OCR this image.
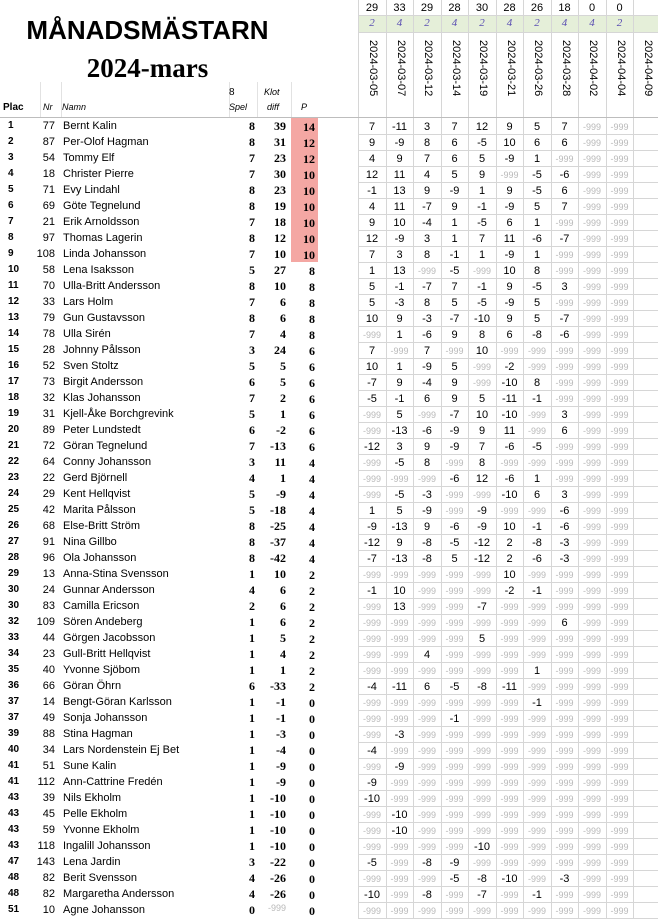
MÅNADSMÄSTARN
2024-mars
29	33	29	28	30	28	26	18	0	0
2	4	2	4	2	4	2	4	4	2
2024-03-05 2024-03-07 2024-03-12 2024-03-14 2024-03-19 2024-03-21 2024-03-26 2024-03-28 2024-04-02 2024-04-04 2024-04-09
8	Klot
Plac Nr Namn	Spel diff P
1	77 Bernt Kalin	8 39 14	7	-11	3	7	12	9	5	7	-999	-999
2	87 Per-Olof Hagman	8 31 12	9	-9	8	6	-5	10	6	6	-999	-999
3	54 Tommy Elf	7 23 12	4	9	7	6	5	-9	1	-999	-999	-999
4	18 Christer Pierre	7 30 10	12	11	4	5	9	-999	-5	-6	-999	-999
5	71 Evy Lindahl	8 23 10	-1	13	9	-9	1	9	-5	6	-999	-999
6	69 Göte Tegnelund	8 19 10	4	11	-7	9	-1	-9	5	7	-999	-999
7	21 Erik Arnoldsson	7 18 10	9	10	-4	1	-5	6	1	-999	-999	-999
8	97 Thomas Lagerin	8 12 10	12	-9	3	1	7	11	-6	-7	-999	-999
9 108 Linda Johansson	7 10 10	7	3	8	-1	1	-9	1	-999	-999	-999
10 58 Lena Isaksson	5 27 8	1	13	-999	-5	-999	10	8	-999	-999	-999
11 70 Ulla-Britt Andersson	8 10 8	5	-1	-7	7	-1	9	-5	3	-999	-999
12 33 Lars Holm	7 6 8	5	-3	8	5	-5	-9	5	-999	-999	-999
13 79 Gun Gustavsson	8 6 8	10	9	-3	-7	-10	9	5	-7	-999	-999
14 78 Ulla Sirén	7 4 8	-999	1	-6	9	8	6	-8	-6	-999	-999
15 28 Johnny Pålsson	3 24 6	7	-999	7	-999	10	-999	-999	-999	-999	-999
16 52 Sven Stoltz	5 5 6	10	1	-9	5	-999	-2	-999	-999	-999	-999
17 73 Birgit Andersson	6 5 6	-7	9	-4	9	-999 -10	8	-999	-999	-999
18 32 Klas Johansson	7 2 6	-5	-1	6	9	5	-11	-1	-999	-999	-999
19 31 Kjell-Åke Borchgrevink	5 1 6	-999	5	-999	-7	10	-10	-999	3	-999	-999
20 89 Peter Lundstedt	6 -2 6	-999 -13	-6	-9	9	11	-999	6	-999	-999
21 72 Göran Tegnelund	7 -13 6	-12	3	9	-9	7	-6	-5	-999	-999	-999
22 64 Conny Johansson	3 11 4	-999	-5	8	-999	8	-999	-999	-999	-999	-999
23 22 Gerd Björnell	4 1 4	-999	-999	-999	-6	12	-6	1	-999	-999	-999
24 29 Kent Hellqvist	5 -9 4	-999	-5	-3	-999	-999 -10	6	3	-999	-999
25 42 Marita Pålsson	5 -18 4	1	5	-9	-999	-9	-999	-999	-6	-999	-999
26 68 Else-Britt Ström	8 -25 4	-9	-13	9	-6	-9	10	-1	-6	-999	-999
27 91 Nina Gillbo	8 -37 4	-12	9	-8	-5	-12	2	-8	-3	-999	-999
28 96 Ola Johansson	8 -42 4	-7	-13	-8	5	-12	2	-6	-3	-999	-999
29 13 Anna-Stina Svensson	1 10 2	-999	-999	-999	-999	-999	10	-999	-999	-999	-999
30 24 Gunnar Andersson	4 6 2	-1	10	-999	-999	-999	-2	-1	-999	-999	-999
30 83 Camilla Ericson	2 6 2	-999	13	-999	-999	-7	-999	-999	-999	-999	-999
32 109 Sören Andeberg	1 6 2	-999	-999	-999	-999	-999	-999	-999	6	-999	-999
33 44 Görgen Jacobsson	1 5 2	-999	-999	-999	-999	5	-999	-999	-999	-999	-999
34 23 Gull-Britt Hellqvist	1 4 2	-999	-999	4	-999	-999	-999	-999	-999	-999	-999
35 40 Yvonne Sjöbom	1 1 2	-999	-999	-999	-999	-999	-999	1	-999	-999	-999
36 66 Göran Öhrn	6 -33 2	-4	-11	6	-5	-8	-11	-999	-999	-999	-999
37 14 Bengt-Göran Karlsson	1 -1 0	-999	-999	-999	-999	-999	-999	-1	-999	-999	-999
37 49 Sonja Johansson	1 -1 0	-999	-999	-999	-1	-999	-999	-999	-999	-999	-999
39 88 Stina Hagman	1 -3 0	-999	-3	-999	-999	-999	-999	-999	-999	-999	-999
40 34 Lars Nordenstein Ej Bet	1 -4 0	-4	-999	-999	-999	-999	-999	-999	-999	-999	-999
41 51 Sune Kalin	1 -9 0	-999	-9	-999	-999	-999	-999	-999	-999	-999	-999
41 112 Ann-Cattrine Fredén	1 -9 0	-9	-999	-999	-999	-999	-999	-999	-999	-999	-999
43 39 Nils Ekholm	1 -10 0	-10	-999	-999	-999	-999	-999	-999	-999	-999	-999
43 45 Pelle Ekholm	1 -10 0	-999 -10	-999	-999	-999	-999	-999	-999	-999	-999
43 59 Yvonne Ekholm	1 -10 0	-999 -10	-999	-999	-999	-999	-999	-999	-999	-999
43 118 Ingalill Johansson	1 -10 0	-999	-999	-999	-999 -10	-999	-999	-999	-999	-999
47 143 Lena Jardin	3 -22 0	-5	-999	-8	-9	-999	-999	-999	-999	-999	-999
48 82 Berit Svensson	4 -26 0	-999	-999	-999	-5	-8	-10	-999	-3	-999	-999
48 82 Margaretha Andersson	4 -26 0	-10	-999	-8	-999	-7	-999	-1	-999	-999	-999
51 10 Agne Johansson	0 -999 0	-999	-999	-999	-999	-999	-999	-999	-999	-999	-999
